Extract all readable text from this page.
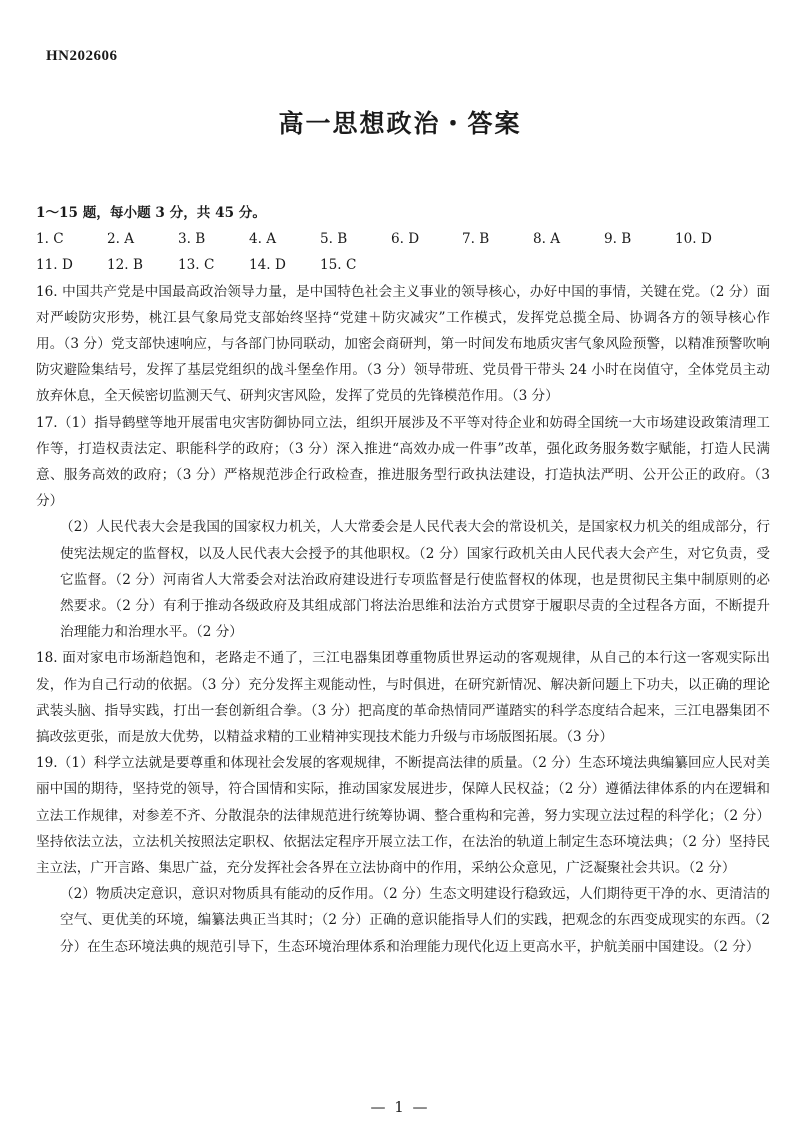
HN202606
高一思想政治・答案
1～15 题，每小题 3 分，共 45 分。
1. C	2. A	3. B	4. A	5. B	6. D	7. B	8. A	9. B	10. D
11. D	12. B	13. C	14. D	15. C

16. 中国共产党是中国最高政治领导力量，是中国特色社会主义事业的领导核心，办好中国的事情，关键在党。（2 分）面对严峻防灾形势，桃江县气象局党支部始终坚持“党建＋防灾减灾”工作模式，发挥党总揽全局、协调各方的领导核心作用。（3 分）党支部快速响应，与各部门协同联动，加密会商研判，第一时间发布地质灾害气象风险预警，以精准预警吹响防灾避险集结号，发挥了基层党组织的战斗堡垒作用。（3 分）领导带班、党员骨干带头 24 小时在岗值守，全体党员主动放弃休息，全天候密切监测天气、研判灾害风险，发挥了党员的先锋模范作用。（3 分）

17.（1）指导鹤壁等地开展雷电灾害防御协同立法，组织开展涉及不平等对待企业和妨碍全国统一大市场建设政策清理工作等，打造权责法定、职能科学的政府；（3 分）深入推进“高效办成一件事”改革，强化政务服务数字赋能，打造人民满意、服务高效的政府；（3 分）严格规范涉企行政检查，推进服务型行政执法建设，打造执法严明、公开公正的政府。（3 分）

（2）人民代表大会是我国的国家权力机关，人大常委会是人民代表大会的常设机关，是国家权力机关的组成部分，行使宪法规定的监督权，以及人民代表大会授予的其他职权。（2 分）国家行政机关由人民代表大会产生，对它负责，受它监督。（2 分）河南省人大常委会对法治政府建设进行专项监督是行使监督权的体现，也是贯彻民主集中制原则的必然要求。（2 分）有利于推动各级政府及其组成部门将法治思维和法治方式贯穿于履职尽责的全过程各方面，不断提升治理能力和治理水平。（2 分）

18. 面对家电市场渐趋饱和，老路走不通了，三江电器集团尊重物质世界运动的客观规律，从自己的本行这一客观实际出发，作为自己行动的依据。（3 分）充分发挥主观能动性，与时俱进，在研究新情况、解决新问题上下功夫，以正确的理论武装头脑、指导实践，打出一套创新组合拳。（3 分）把高度的革命热情同严谨踏实的科学态度结合起来，三江电器集团不搞改弦更张，而是放大优势，以精益求精的工业精神实现技术能力升级与市场版图拓展。（3 分）

19.（1）科学立法就是要尊重和体现社会发展的客观规律，不断提高法律的质量。（2 分）生态环境法典编纂回应人民对美丽中国的期待，坚持党的领导，符合国情和实际，推动国家发展进步，保障人民权益；（2 分）遵循法律体系的内在逻辑和立法工作规律，对参差不齐、分散混杂的法律规范进行统筹协调、整合重构和完善，努力实现立法过程的科学化；（2 分）坚持依法立法，立法机关按照法定职权、依据法定程序开展立法工作，在法治的轨道上制定生态环境法典；（2 分）坚持民主立法，广开言路、集思广益，充分发挥社会各界在立法协商中的作用，采纳公众意见，广泛凝聚社会共识。（2 分）

（2）物质决定意识，意识对物质具有能动的反作用。（2 分）生态文明建设行稳致远，人们期待更干净的水、更清洁的空气、更优美的环境，编纂法典正当其时；（2 分）正确的意识能指导人们的实践，把观念的东西变成现实的东西。（2 分）在生态环境法典的规范引导下，生态环境治理体系和治理能力现代化迈上更高水平，护航美丽中国建设。（2 分）

— 1 —
